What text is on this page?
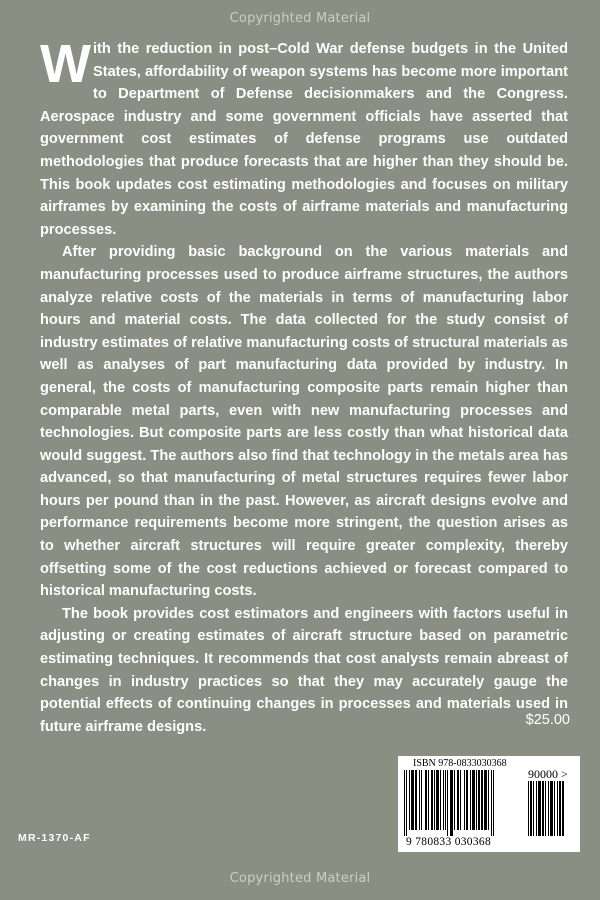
Copyrighted Material

With the reduction in post–Cold War defense budgets in the United States, affordability of weapon systems has become more important to Department of Defense decisionmakers and the Congress. Aerospace industry and some government officials have asserted that government cost estimates of defense programs use outdated methodologies that produce forecasts that are higher than they should be. This book updates cost estimating methodologies and focuses on military airframes by examining the costs of airframe materials and manufacturing processes.

After providing basic background on the various materials and manufacturing processes used to produce airframe structures, the authors analyze relative costs of the materials in terms of manufacturing labor hours and material costs. The data collected for the study consist of industry estimates of relative manufacturing costs of structural materials as well as analyses of part manufacturing data provided by industry. In general, the costs of manufacturing composite parts remain higher than comparable metal parts, even with new manufacturing processes and technologies. But composite parts are less costly than what historical data would suggest. The authors also find that technology in the metals area has advanced, so that manufacturing of metal structures requires fewer labor hours per pound than in the past. However, as aircraft designs evolve and performance requirements become more stringent, the question arises as to whether aircraft structures will require greater complexity, thereby offsetting some of the cost reductions achieved or forecast compared to historical manufacturing costs.

The book provides cost estimators and engineers with factors useful in adjusting or creating estimates of aircraft structure based on parametric estimating techniques. It recommends that cost analysts remain abreast of changes in industry practices so that they may accurately gauge the potential effects of continuing changes in processes and materials used in future airframe designs.	$25.00
ISBN 978-0833030368
90000 >
9 780833 030368
MR-1370-AF
Copyrighted Material
